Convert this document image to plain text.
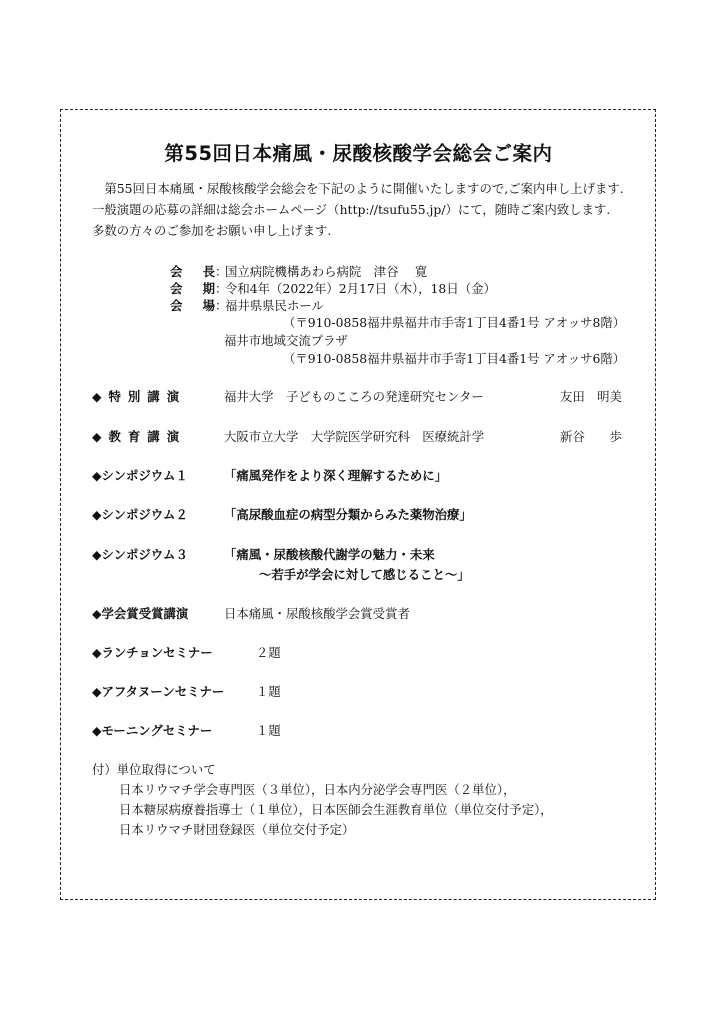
第55回日本痛風・尿酸核酸学会総会ご案内
　第55回日本痛風・尿酸核酸学会総会を下記のように開催いたしますので,ご案内申し上げます.
一般演題の応募の詳細は総会ホームページ（http://tsufu55.jp/）にて，随時ご案内致します.
多数の方々のご参加をお願い申し上げます.
会長：国立病院機構あわら病院　津谷　 寛
会期：令和4年（2022年）2月17日（木），18日（金）
会場：福井県県民ホール
（〒910‐0858福井県福井市手寄1丁目4番1号 アオッサ8階）
福井市地域交流プラザ
（〒910‐0858福井県福井市手寄1丁目4番1号 アオッサ6階）
◆特別講演	福井大学　子どものこころの発達研究センター	友田　明美
◆教育講演	大阪市立大学　大学院医学研究科　医療統計学	新谷　　歩
◆シンポジウム１	「痛風発作をより深く理解するために」
◆シンポジウム２	「高尿酸血症の病型分類からみた薬物治療」
◆シンポジウム３	「痛風・尿酸核酸代謝学の魅力・未来
～若手が学会に対して感じること～」
◆学会賞受賞講演	日本痛風・尿酸核酸学会賞受賞者
◆ランチョンセミナー	２題
◆アフタヌーンセミナー	１題
◆モーニングセミナー	１題
付）単位取得について
日本リウマチ学会専門医（３単位），日本内分泌学会専門医（２単位），
日本糖尿病療養指導士（１単位），日本医師会生涯教育単位（単位交付予定），
日本リウマチ財団登録医（単位交付予定）
